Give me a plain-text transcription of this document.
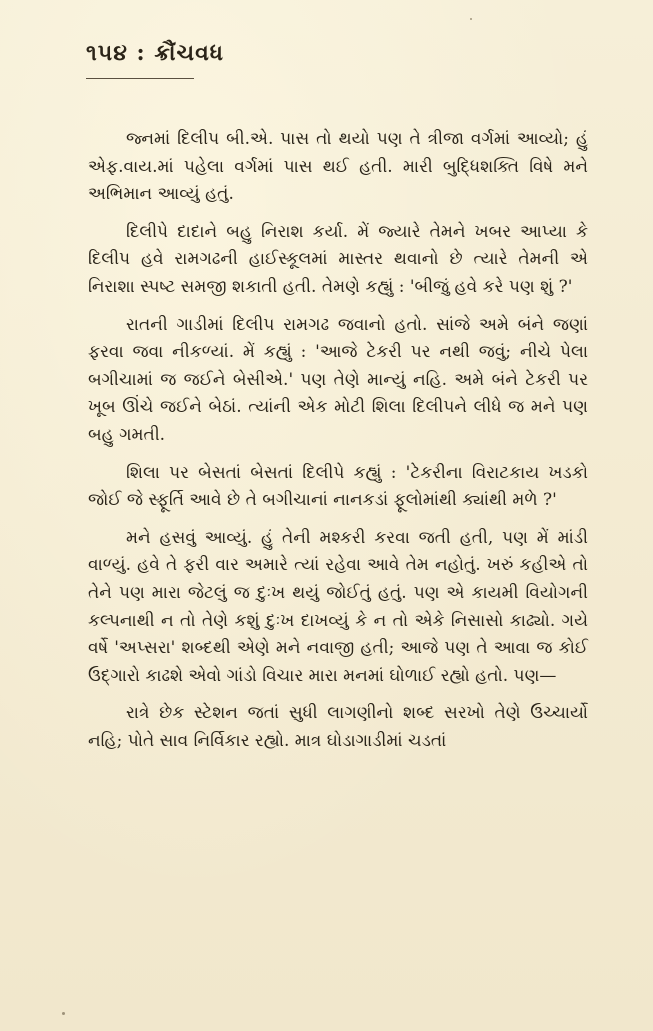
૧૫૪ : ક્રૌંચવધ

જ્નમાં દિલીપ બી.એ. પાસ તો થયો પણ તે ત્રીજા વર્ગમાં આવ્યો; હું એફ.વાય.માં પહેલા વર્ગમાં પાસ થઈ હતી. મારી બુદ્ધિશક્તિ વિષે મને અભિમાન આવ્યું હતું.

દિલીપે દાદાને બહુ નિરાશ કર્યા. મેં જ્યારે તેમને ખબર આપ્યા કે દિલીપ હવે રામગઢની હાઈસ્કૂલમાં માસ્તર થવાનો છે ત્યારે તેમની એ નિરાશા સ્પષ્ટ સમજી શકાતી હતી. તેમણે કહ્યું : 'બીજું હવે કરે પણ શું ?'

રાતની ગાડીમાં દિલીપ રામગઢ જવાનો હતો. સાંજે અમે બંને જણાં ફરવા જવા નીકળ્યાં. મેં કહ્યું : 'આજે ટેકરી પર નથી જવું; નીચે પેલા બગીચામાં જ જઈને બેસીએ.' પણ તેણે માન્યું નહિ. અમે બંને ટેકરી પર ખૂબ ઊંચે જઈને બેઠાં. ત્યાંની એક મોટી શિલા દિલીપને લીધે જ મને પણ બહુ ગમતી.

શિલા પર બેસતાં બેસતાં દિલીપે કહ્યું : 'ટેકરીના વિરાટકાય ખડકો જોઈ જે સ્ફૂર્તિ આવે છે તે બગીચાનાં નાનકડાં ફૂલોમાંથી ક્યાંથી મળે ?'

મને હસવું આવ્યું. હું તેની મશ્કરી કરવા જતી હતી, પણ મેં માંડી વાળ્યું. હવે તે ફરી વાર અમારે ત્યાં રહેવા આવે તેમ નહોતું. ખરું કહીએ તો તેને પણ મારા જેટલું જ દુઃખ થયું જોઈતું હતું. પણ એ કાયમી વિયોગની કલ્પનાથી ન તો તેણે કશું દુઃખ દાખવ્યું કે ન તો એકે નિસાસો કાઢ્યો. ગયે વર્ષે 'અપ્સરા' શબ્દથી એણે મને નવાજી હતી; આજે પણ તે આવા જ કોઈ ઉદ્ગારો કાઢશે એવો ગાંડો વિચાર મારા મનમાં ઘોળાઈ રહ્યો હતો. પણ—

રાત્રે છેક સ્ટેશન જતાં સુધી લાગણીનો શબ્દ સરખો તેણે ઉચ્ચાર્યો નહિ; પોતે સાવ નિર્વિકાર રહ્યો. માત્ર ઘોડાગાડીમાં ચડતાં
